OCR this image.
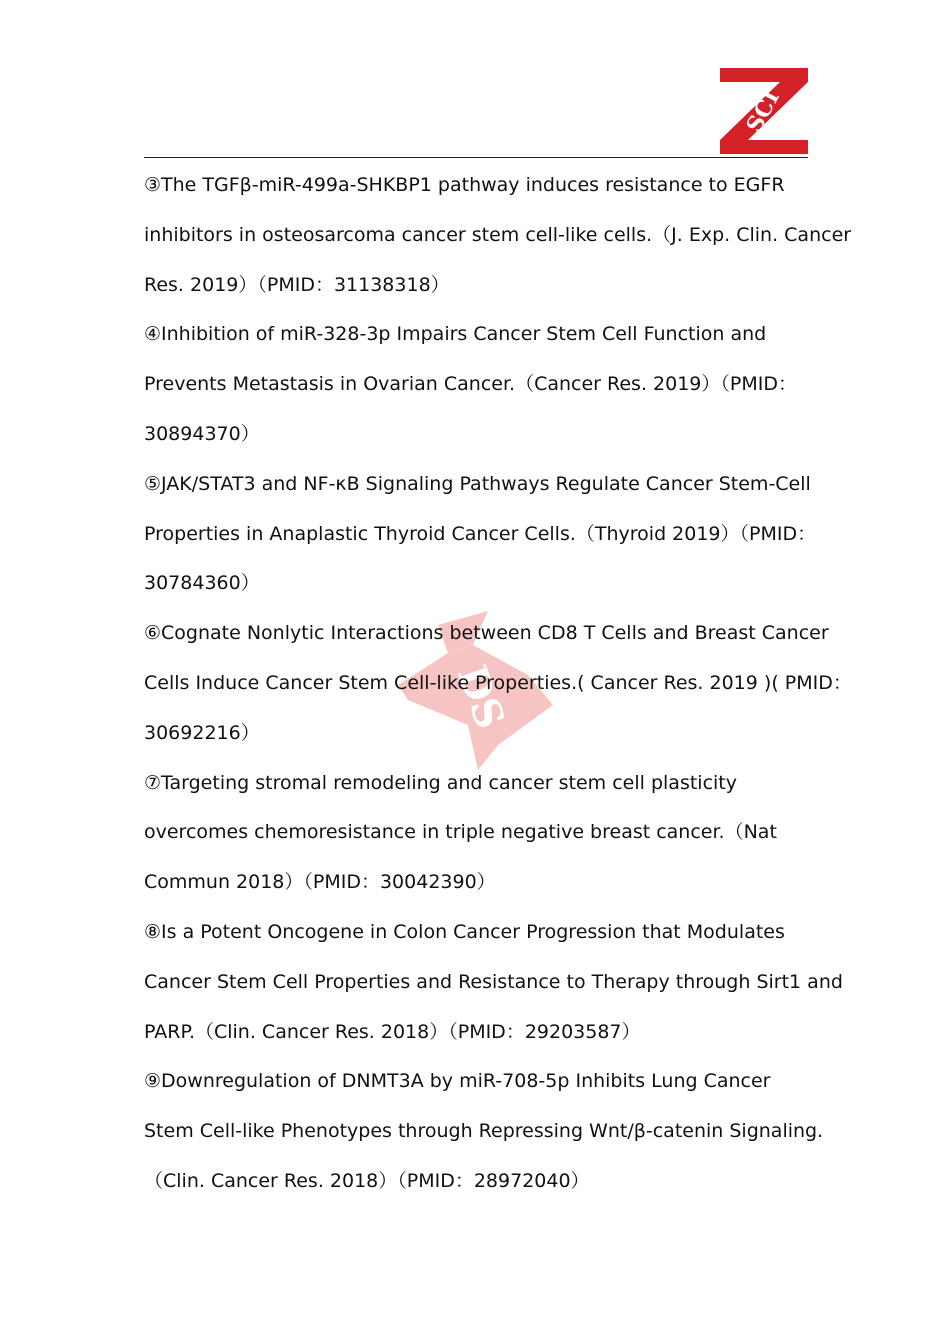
SCI
DS
③The TGFβ-miR-499a-SHKBP1 pathway induces resistance to EGFR
inhibitors in osteosarcoma cancer stem cell-like cells.（J. Exp. Clin. Cancer
Res. 2019）（PMID：31138318）
④Inhibition of miR-328-3p Impairs Cancer Stem Cell Function and
Prevents Metastasis in Ovarian Cancer.（Cancer Res. 2019）（PMID：
30894370）
⑤JAK/STAT3 and NF-κB Signaling Pathways Regulate Cancer Stem-Cell
Properties in Anaplastic Thyroid Cancer Cells.（Thyroid 2019）（PMID：
30784360）
⑥Cognate Nonlytic Interactions between CD8 T Cells and Breast Cancer
Cells Induce Cancer Stem Cell-like Properties.( Cancer Res. 2019 )( PMID：
30692216）
⑦Targeting stromal remodeling and cancer stem cell plasticity
overcomes chemoresistance in triple negative breast cancer.（Nat
Commun 2018）（PMID：30042390）
⑧Is a Potent Oncogene in Colon Cancer Progression that Modulates
Cancer Stem Cell Properties and Resistance to Therapy through Sirt1 and
PARP.（Clin. Cancer Res. 2018）（PMID：29203587）
⑨Downregulation of DNMT3A by miR-708-5p Inhibits Lung Cancer
Stem Cell-like Phenotypes through Repressing Wnt/β-catenin Signaling.
（Clin. Cancer Res. 2018）（PMID：28972040）
